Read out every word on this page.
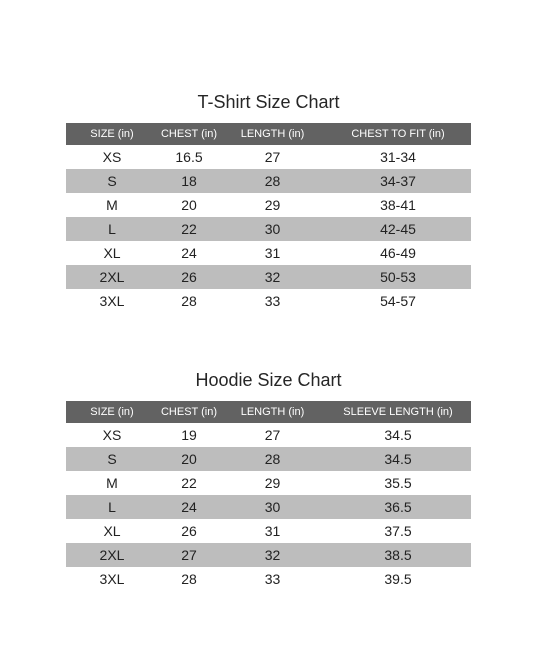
T-Shirt Size Chart
SIZE (in)	CHEST (in)	LENGTH (in)	CHEST TO FIT (in)
XS	16.5	27	31-34
S	18	28	34-37
M	20	29	38-41
L	22	30	42-45
XL	24	31	46-49
2XL	26	32	50-53
3XL	28	33	54-57
Hoodie Size Chart
SIZE (in)	CHEST (in)	LENGTH (in)	SLEEVE LENGTH (in)
XS	19	27	34.5
S	20	28	34.5
M	22	29	35.5
L	24	30	36.5
XL	26	31	37.5
2XL	27	32	38.5
3XL	28	33	39.5
